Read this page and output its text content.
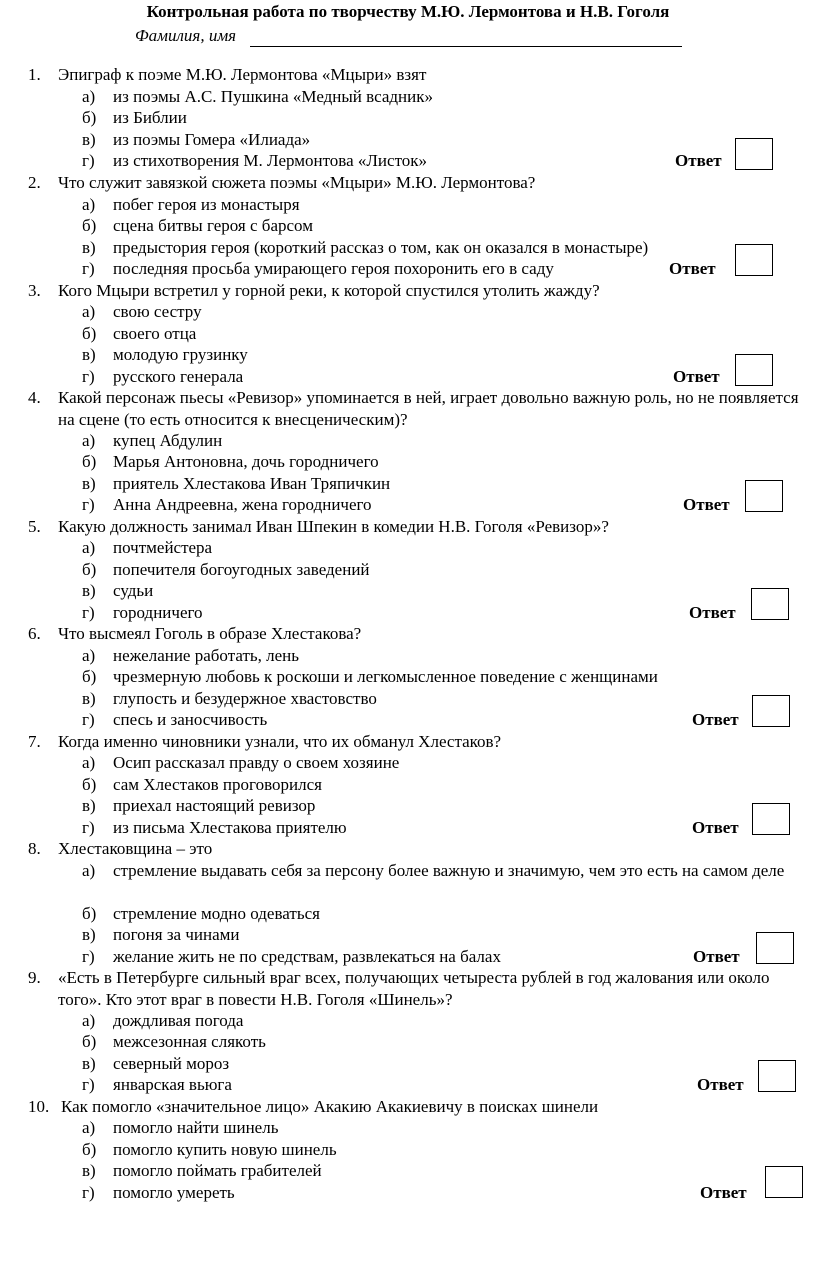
Контрольная работа по творчеству М.Ю. Лермонтова и Н.В. Гоголя
Фамилия, имя
1. Эпиграф к поэме М.Ю. Лермонтова «Мцыри» взят
а) из поэмы А.С. Пушкина «Медный всадник»
б) из Библии
в) из поэмы Гомера «Илиада»
г) из стихотворения М. Лермонтова «Листок»	Ответ
2. Что служит завязкой сюжета поэмы «Мцыри» М.Ю. Лермонтова?
а) побег героя из монастыря
б) сцена битвы героя с барсом
в) предыстория героя (короткий рассказ о том, как он оказался в монастыре)
г) последняя просьба умирающего героя похоронить его в саду	Ответ
3. Кого Мцыри встретил у горной реки, к которой спустился утолить жажду?
а) свою сестру
б) своего отца
в) молодую грузинку
г) русского генерала	Ответ
4. Какой персонаж пьесы «Ревизор» упоминается в ней, играет довольно важную роль, но не появляется на сцене (то есть относится к внесценическим)?
а) купец Абдулин
б) Марья Антоновна, дочь городничего
в) приятель Хлестакова Иван Тряпичкин
г) Анна Андреевна, жена городничего	Ответ
5. Какую должность занимал Иван Шпекин в комедии Н.В. Гоголя «Ревизор»?
а) почтмейстера
б) попечителя богоугодных заведений
в) судьи
г) городничего	Ответ
6. Что высмеял Гоголь в образе Хлестакова?
а) нежелание работать, лень
б) чрезмерную любовь к роскоши и легкомысленное поведение с женщинами
в) глупость и безудержное хвастовство
г) спесь и заносчивость	Ответ
7. Когда именно чиновники узнали, что их обманул Хлестаков?
а) Осип рассказал правду о своем хозяине
б) сам Хлестаков проговорился
в) приехал настоящий ревизор
г) из письма Хлестакова приятелю	Ответ
8. Хлестаковщина – это
а) стремление выдавать себя за персону более важную и значимую, чем это есть на самом деле
б) стремление модно одеваться
в) погоня за чинами
г) желание жить не по средствам, развлекаться на балах	Ответ
9. «Есть в Петербурге сильный враг всех, получающих четыреста рублей в год жалования или около того». Кто этот враг в повести Н.В. Гоголя «Шинель»?
а) дождливая погода
б) межсезонная слякоть
в) северный мороз
г) январская вьюга	Ответ
10. Как помогло «значительное лицо» Акакию Акакиевичу в поисках шинели
а) помогло найти шинель
б) помогло купить новую шинель
в) помогло поймать грабителей
г) помогло умереть	Ответ
